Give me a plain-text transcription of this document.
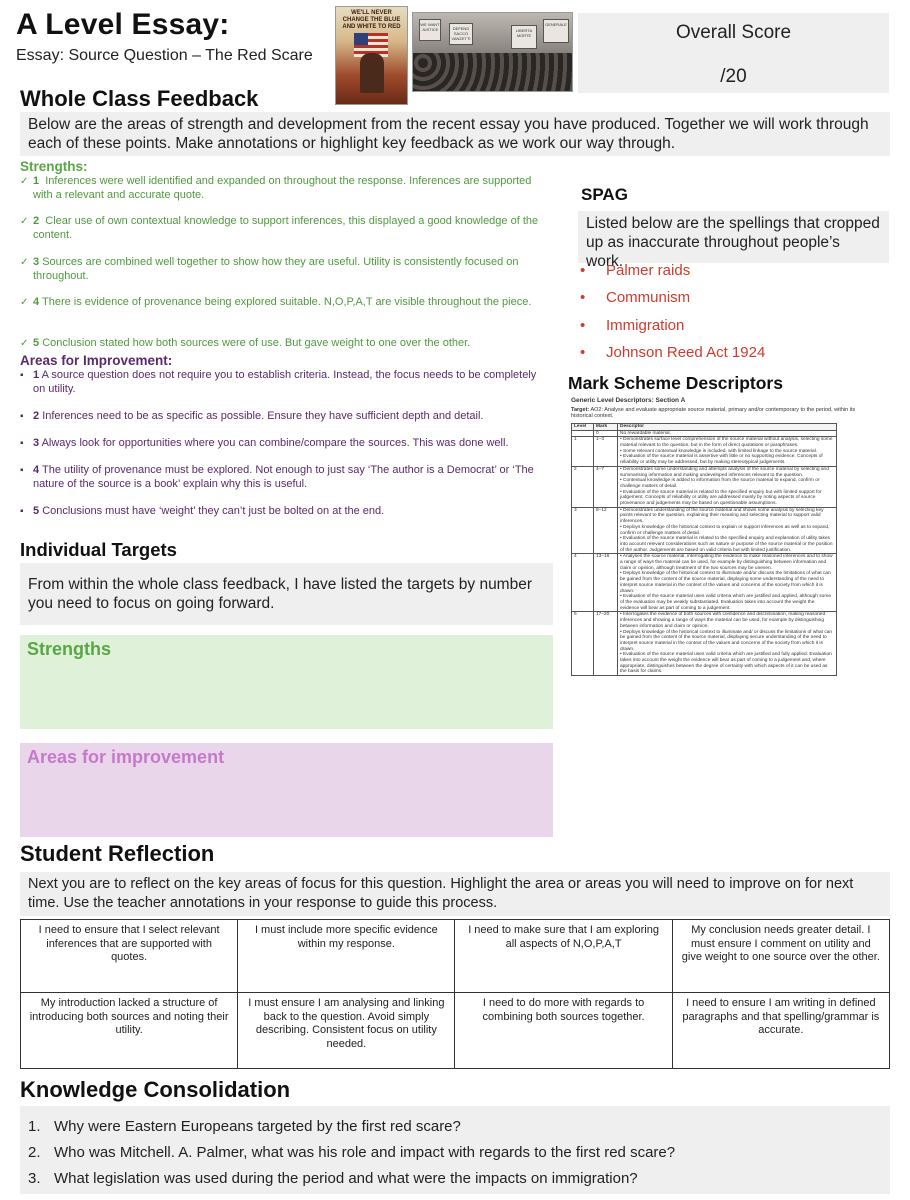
A Level Essay:
Essay: Source Question – The Red Scare
WE'LL NEVER CHANGE THE BLUE AND WHITE TO RED	WE WANT JUSTICE	DEFEND SACCO VANZETTI
LIBERTA MORTE
GENERALE	Overall Score
/20
Whole Class Feedback
Below are the areas of strength and development from the recent essay you have produced. Together we will work through each of these points. Make annotations or highlight key feedback as we work our way through.
Strengths:
✓ 1 Inferences were well identified and expanded on throughout the response. Inferences are supported with a relevant and accurate quote.
✓ 2 Clear use of own contextual knowledge to support inferences, this displayed a good knowledge of the content.
✓ 3 Sources are combined well together to show how they are useful. Utility is consistently focused on throughout.
✓ 4 There is evidence of provenance being explored suitable. N,O,P,A,T are visible throughout the piece.
✓ 5 Conclusion stated how both sources were of use. But gave weight to one over the other.
Areas for Improvement:
▪ 1 A source question does not require you to establish criteria. Instead, the focus needs to be completely on utility.
▪ 2 Inferences need to be as specific as possible. Ensure they have sufficient depth and detail.
▪ 3 Always look for opportunities where you can combine/compare the sources. This was done well.
▪ 4 The utility of provenance must be explored. Not enough to just say ‘The author is a Democrat’ or ‘The nature of the source is a book’ explain why this is useful.
▪ 5 Conclusions must have ‘weight’ they can’t just be bolted on at the end.
SPAG
Listed below are the spellings that cropped up as inaccurate throughout people’s work.
• Palmer raids
• Communism
• Immigration
• Johnson Reed Act 1924
Mark Scheme Descriptors
Generic Level Descriptors: Section A
Target: AO2: Analyse and evaluate appropriate source material, primary and/or contemporary to the period, within its historical context.
Level	Mark	Descriptor
	0	No rewardable material.
1	1–3	• Demonstrates surface level comprehension of the source material without analysis, selecting some material relevant to the question, but in the form of direct quotations or paraphrases.
• Some relevant contextual knowledge is included, with limited linkage to the source material.
• Evaluation of the source material is assertive with little or no supporting evidence. Concepts of reliability or utility may be addressed, but by making stereotypical judgements.
2	4–7	• Demonstrates some understanding and attempts analysis of the source material by selecting and summarising information and making undeveloped inferences relevant to the question.
• Contextual knowledge is added to information from the source material to expand, confirm or challenge matters of detail.
• Evaluation of the source material is related to the specified enquiry but with limited support for judgement. Concepts of reliability or utility are addressed mainly by noting aspects of source provenance and judgements may be based on questionable assumptions.
3	8–12	• Demonstrates understanding of the source material and shows some analysis by selecting key points relevant to the question, explaining their meaning and selecting material to support valid inferences.
• Deploys knowledge of the historical context to explain or support inferences as well as to expand, confirm or challenge matters of detail.
• Evaluation of the source material is related to the specified enquiry and explanation of utility takes into account relevant considerations such as nature or purpose of the source material or the position of the author. Judgements are based on valid criteria but with limited justification.
4	13–16	• Analyses the source material, interrogating the evidence to make reasoned inferences and to show a range of ways the material can be used, for example by distinguishing between information and claim or opinion, although treatment of the two sources may be uneven.
• Deploys knowledge of the historical context to illuminate and/or discuss the limitations of what can be gained from the content of the source material, displaying some understanding of the need to interpret source material in the context of the values and concerns of the society from which it is drawn.
• Evaluation of the source material uses valid criteria which are justified and applied, although some of the evaluation may be weakly substantiated. Evaluation takes into account the weight the evidence will bear as part of coming to a judgement.
5	17–20	• Interrogates the evidence of both sources with confidence and discrimination, making reasoned inferences and showing a range of ways the material can be used, for example by distinguishing between information and claim or opinion.
• Deploys knowledge of the historical context to illuminate and/ or discuss the limitations of what can be gained from the content of the source material, displaying secure understanding of the need to interpret source material in the context of the values and concerns of the society from which it is drawn.
• Evaluation of the source material uses valid criteria which are justified and fully applied. Evaluation takes into account the weight the evidence will bear as part of coming to a judgement and, where appropriate, distinguishes between the degree of certainty with which aspects of it can be used as the basis for claims.
Individual Targets
From within the whole class feedback, I have listed the targets by number you need to focus on going forward.
Strengths
Areas for improvement
Student Reflection
Next you are to reflect on the key areas of focus for this question. Highlight the area or areas you will need to improve on for next time. Use the teacher annotations in your response to guide this process.
I need to ensure that I select relevant inferences that are supported with quotes.	I must include more specific evidence within my response.	I need to make sure that I am exploring all aspects of N,O,P,A,T	My conclusion needs greater detail. I must ensure I comment on utility and give weight to one source over the other.
My introduction lacked a structure of introducing both sources and noting their utility.	I must ensure I am analysing and linking back to the question. Avoid simply describing. Consistent focus on utility needed.	I need to do more with regards to combining both sources together.	I need to ensure I am writing in defined paragraphs and that spelling/grammar is accurate.
Knowledge Consolidation
1. Why were Eastern Europeans targeted by the first red scare?
2. Who was Mitchell. A. Palmer, what was his role and impact with regards to the first red scare?
3. What legislation was used during the period and what were the impacts on immigration?
